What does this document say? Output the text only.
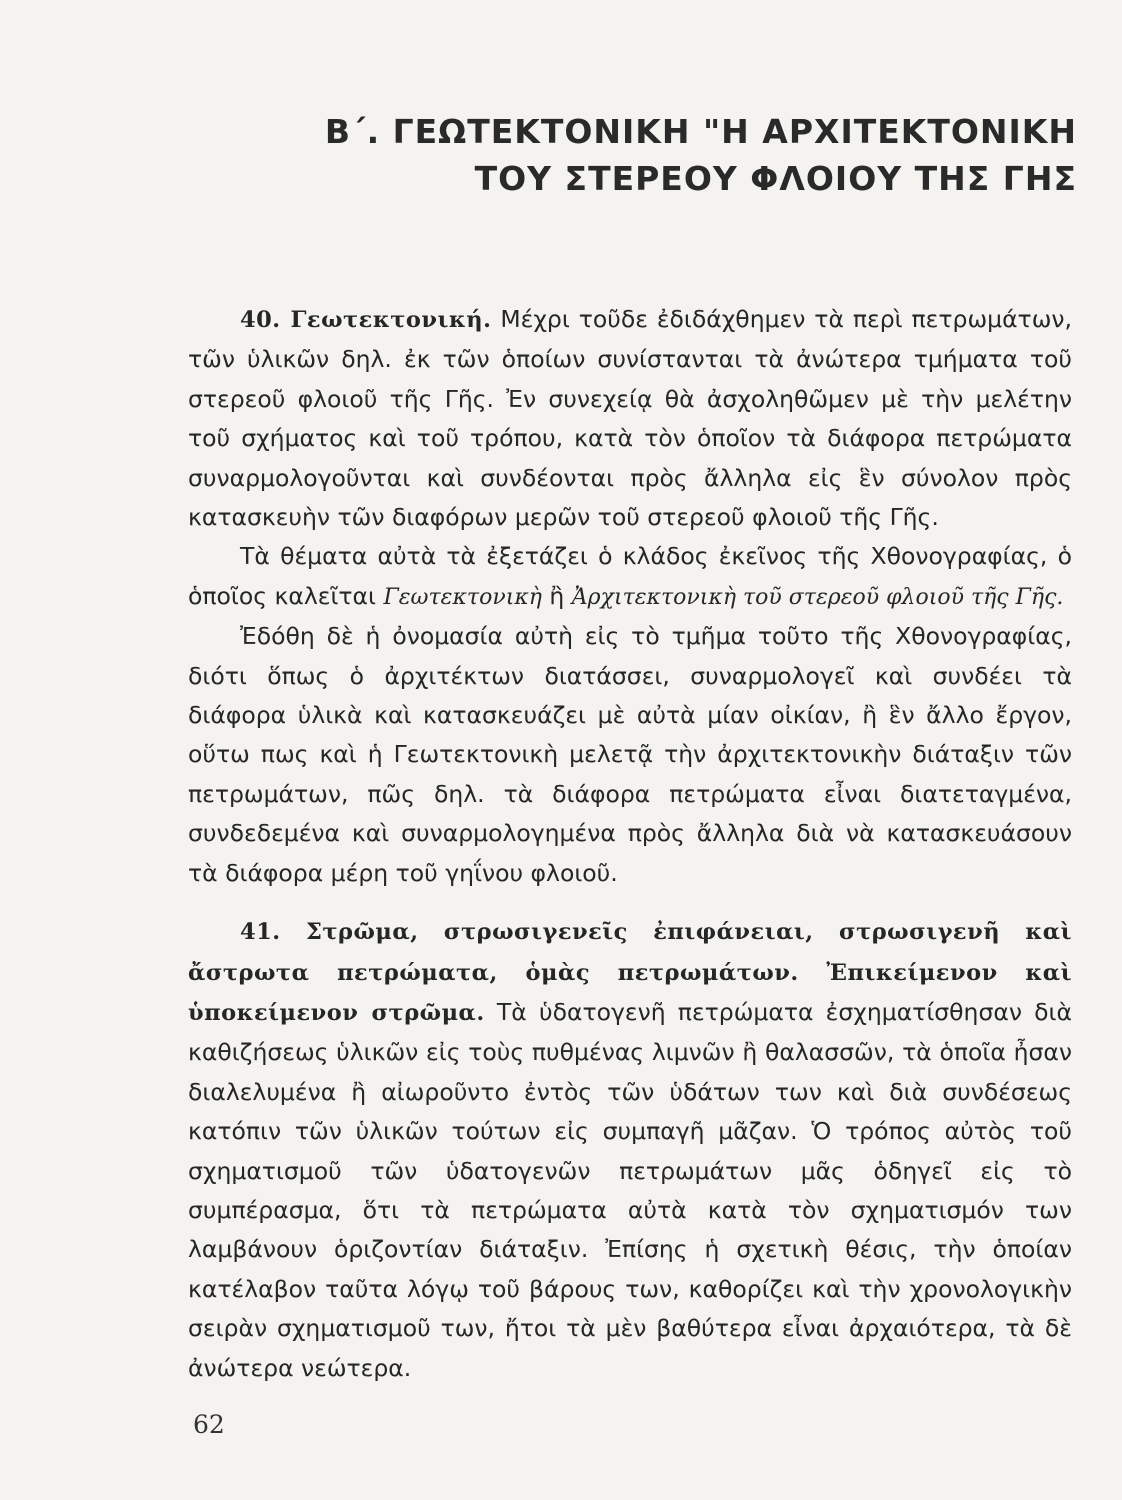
Β΄. ΓΕΩΤΕΚΤΟΝΙΚΗ "Η ΑΡΧΙΤΕΚΤΟΝΙΚΗ
ΤΟΥ ΣΤΕΡΕΟΥ ΦΛΟΙΟΥ ΤΗΣ ΓΗΣ

40. Γεωτεκτονική. Μέχρι τοῦδε ἐδιδάχθημεν τὰ περὶ πετρωμάτων, τῶν ὑλικῶν δηλ. ἐκ τῶν ὁποίων συνίστανται τὰ ἀνώτερα τμήματα τοῦ στερεοῦ φλοιοῦ τῆς Γῆς. Ἐν συνεχείᾳ θὰ ἀσχοληθῶμεν μὲ τὴν μελέτην τοῦ σχήματος καὶ τοῦ τρόπου, κατὰ τὸν ὁποῖον τὰ διάφορα πετρώματα συναρμολογοῦνται καὶ συνδέονται πρὸς ἄλληλα εἰς ἓν σύνολον πρὸς κατασκευὴν τῶν διαφόρων μερῶν τοῦ στερεοῦ φλοιοῦ τῆς Γῆς.

Τὰ θέματα αὐτὰ τὰ ἐξετάζει ὁ κλάδος ἐκεῖνος τῆς Χθονογραφίας, ὁ ὁποῖος καλεῖται Γεωτεκτονικὴ ἢ Ἀρχιτεκτονικὴ τοῦ στερεοῦ φλοιοῦ τῆς Γῆς.

Ἐδόθη δὲ ἡ ὀνομασία αὐτὴ εἰς τὸ τμῆμα τοῦτο τῆς Χθονογραφίας, διότι ὅπως ὁ ἀρχιτέκτων διατάσσει, συναρμολογεῖ καὶ συνδέει τὰ διάφορα ὑλικὰ καὶ κατασκευάζει μὲ αὐτὰ μίαν οἰκίαν, ἢ ἓν ἄλλο ἔργον, οὕτω πως καὶ ἡ Γεωτεκτονικὴ μελετᾷ τὴν ἀρχιτεκτονικὴν διάταξιν τῶν πετρωμάτων, πῶς δηλ. τὰ διάφορα πετρώματα εἶναι διατεταγμένα, συνδεδεμένα καὶ συναρμολογημένα πρὸς ἄλληλα διὰ νὰ κατασκευάσουν τὰ διάφορα μέρη τοῦ γηΐνου φλοιοῦ.

41. Στρῶμα, στρωσιγενεῖς ἐπιφάνειαι, στρωσιγενῆ καὶ ἄστρωτα πετρώματα, ὁμὰς πετρωμάτων. Ἐπικείμενον καὶ ὑποκείμενον στρῶμα. Τὰ ὑδατογενῆ πετρώματα ἐσχηματίσθησαν διὰ καθιζήσεως ὑλικῶν εἰς τοὺς πυθμένας λιμνῶν ἢ θαλασσῶν, τὰ ὁποῖα ἦσαν διαλελυμένα ἢ αἰωροῦντο ἐντὸς τῶν ὑδάτων των καὶ διὰ συνδέσεως κατόπιν τῶν ὑλικῶν τούτων εἰς συμπαγῆ μᾶζαν. Ὁ τρόπος αὐτὸς τοῦ σχηματισμοῦ τῶν ὑδατογενῶν πετρωμάτων μᾶς ὁδηγεῖ εἰς τὸ συμπέρασμα, ὅτι τὰ πετρώματα αὐτὰ κατὰ τὸν σχηματισμόν των λαμβάνουν ὁριζοντίαν διάταξιν. Ἐπίσης ἡ σχετικὴ θέσις, τὴν ὁποίαν κατέλαβον ταῦτα λόγῳ τοῦ βάρους των, καθορίζει καὶ τὴν χρονολογικὴν σειρὰν σχηματισμοῦ των, ἤτοι τὰ μὲν βαθύτερα εἶναι ἀρχαιότερα, τὰ δὲ ἀνώτερα νεώτερα.

62
